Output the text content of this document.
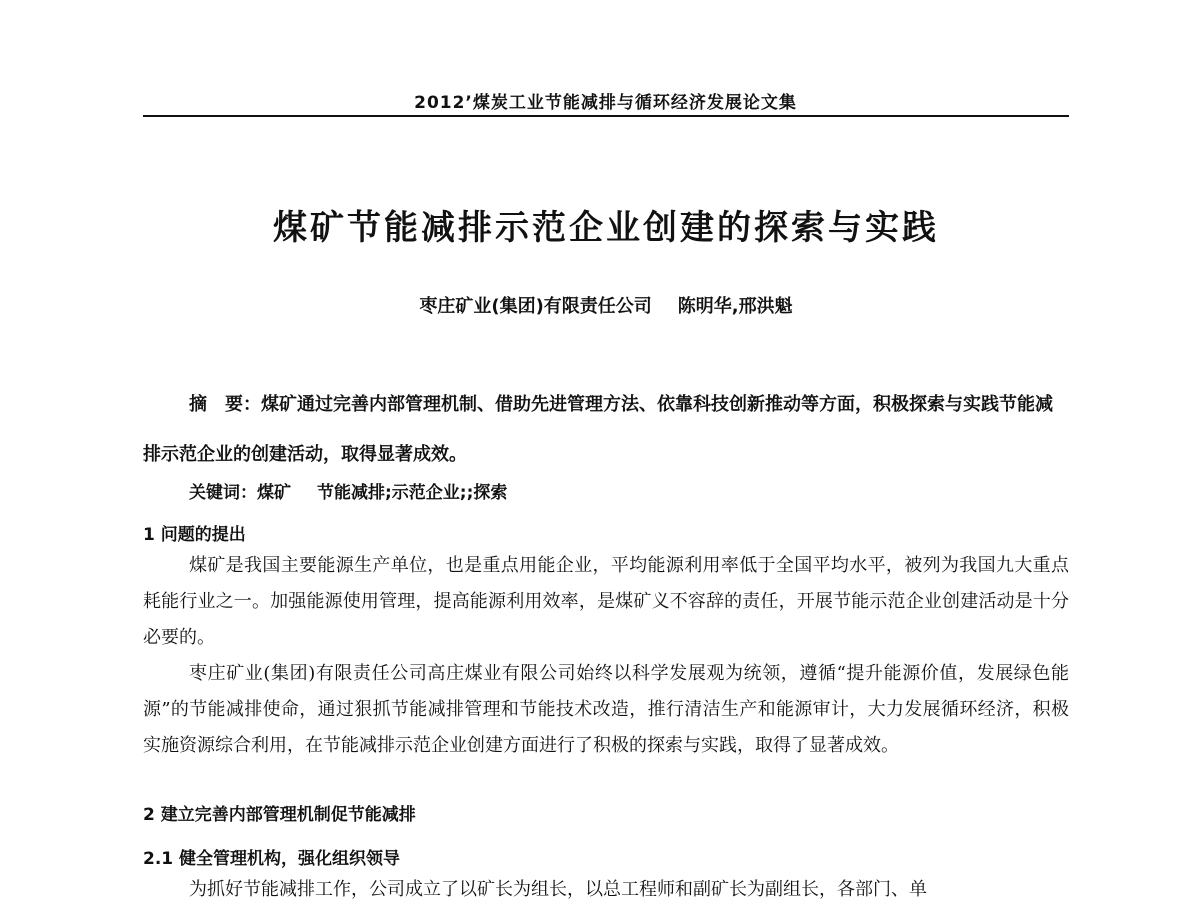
2012’煤炭工业节能减排与循环经济发展论文集
煤矿节能减排示范企业创建的探索与实践
枣庄矿业(集团)有限责任公司 陈明华,邢洪魁
摘　要：煤矿通过完善内部管理机制、借助先进管理方法、依靠科技创新推动等方面，积极探索与实践节能减排示范企业的创建活动，取得显著成效。
关键词：煤矿 节能减排;示范企业;;探索
1 问题的提出
煤矿是我国主要能源生产单位，也是重点用能企业，平均能源利用率低于全国平均水平，被列为我国九大重点耗能行业之一。加强能源使用管理，提高能源利用效率，是煤矿义不容辞的责任，开展节能示范企业创建活动是十分必要的。
枣庄矿业(集团)有限责任公司高庄煤业有限公司始终以科学发展观为统领，遵循“提升能源价值，发展绿色能源”的节能减排使命，通过狠抓节能减排管理和节能技术改造，推行清洁生产和能源审计，大力发展循环经济，积极实施资源综合利用，在节能减排示范企业创建方面进行了积极的探索与实践，取得了显著成效。
2 建立完善内部管理机制促节能减排
2.1 健全管理机构，强化组织领导
为抓好节能减排工作，公司成立了以矿长为组长，以总工程师和副矿长为副组长，各部门、单
